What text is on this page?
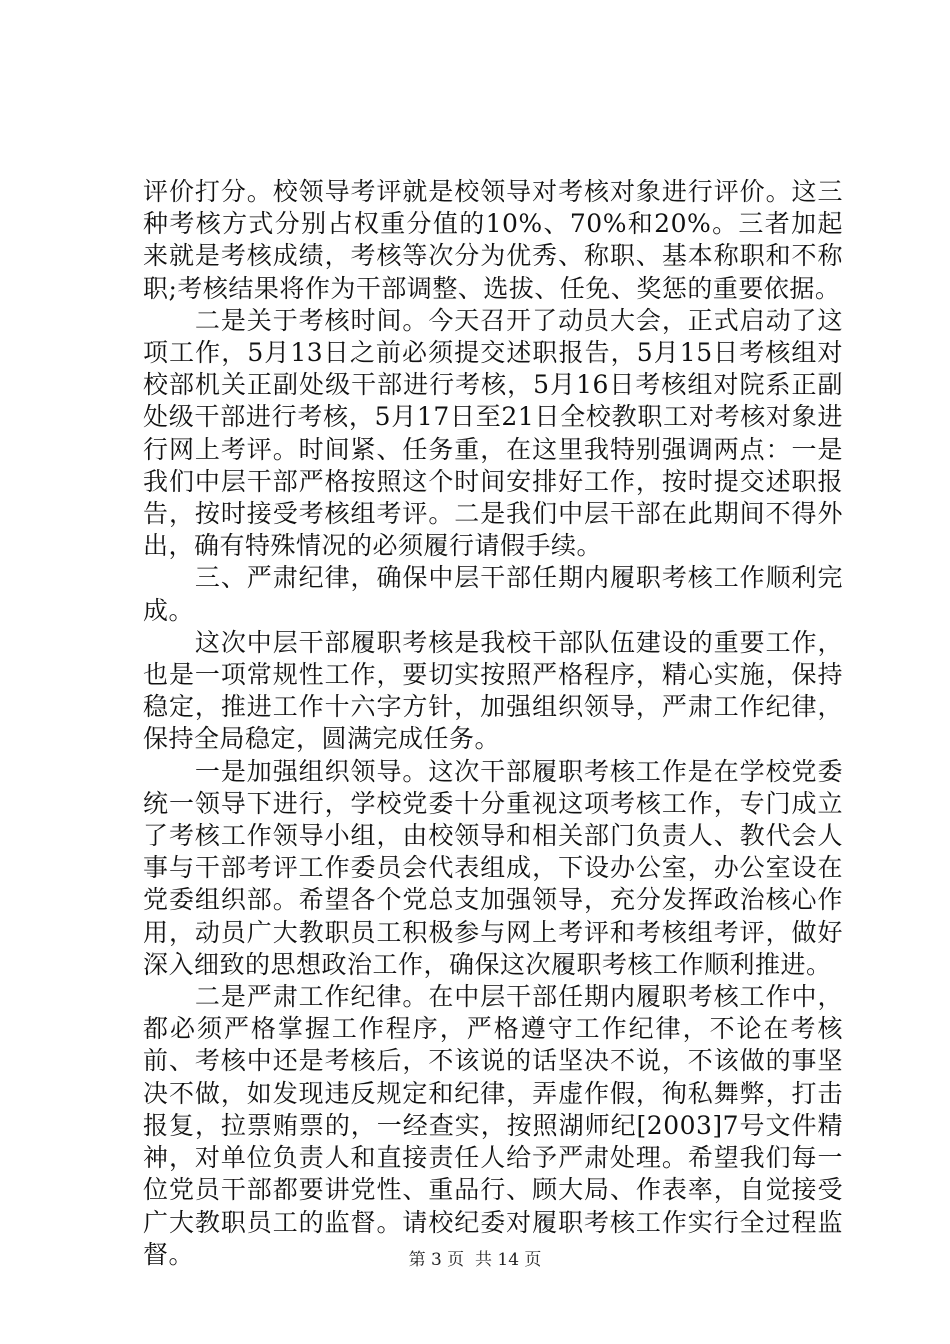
评价打分。校领导考评就是校领导对考核对象进行评价。这三种考核方式分别占权重分值的10%、70%和20%。三者加起来就是考核成绩，考核等次分为优秀、称职、基本称职和不称职;考核结果将作为干部调整、选拔、任免、奖惩的重要依据。

　　二是关于考核时间。今天召开了动员大会，正式启动了这项工作，5月13日之前必须提交述职报告，5月15日考核组对校部机关正副处级干部进行考核，5月16日考核组对院系正副处级干部进行考核，5月17日至21日全校教职工对考核对象进行网上考评。时间紧、任务重，在这里我特别强调两点：一是我们中层干部严格按照这个时间安排好工作，按时提交述职报告，按时接受考核组考评。二是我们中层干部在此期间不得外出，确有特殊情况的必须履行请假手续。

　　三、严肃纪律，确保中层干部任期内履职考核工作顺利完成。

　　这次中层干部履职考核是我校干部队伍建设的重要工作，也是一项常规性工作，要切实按照严格程序，精心实施，保持稳定，推进工作十六字方针，加强组织领导，严肃工作纪律，保持全局稳定，圆满完成任务。

　　一是加强组织领导。这次干部履职考核工作是在学校党委统一领导下进行，学校党委十分重视这项考核工作，专门成立了考核工作领导小组，由校领导和相关部门负责人、教代会人事与干部考评工作委员会代表组成，下设办公室，办公室设在党委组织部。希望各个党总支加强领导，充分发挥政治核心作用，动员广大教职员工积极参与网上考评和考核组考评，做好深入细致的思想政治工作，确保这次履职考核工作顺利推进。

　　二是严肃工作纪律。在中层干部任期内履职考核工作中，都必须严格掌握工作程序，严格遵守工作纪律，不论在考核前、考核中还是考核后，不该说的话坚决不说，不该做的事坚决不做，如发现违反规定和纪律，弄虚作假，徇私舞弊，打击报复，拉票贿票的，一经查实，按照湖师纪[2003]7号文件精神，对单位负责人和直接责任人给予严肃处理。希望我们每一位党员干部都要讲党性、重品行、顾大局、作表率，自觉接受广大教职员工的监督。请校纪委对履职考核工作实行全过程监督。	第 3 页  共 14 页
